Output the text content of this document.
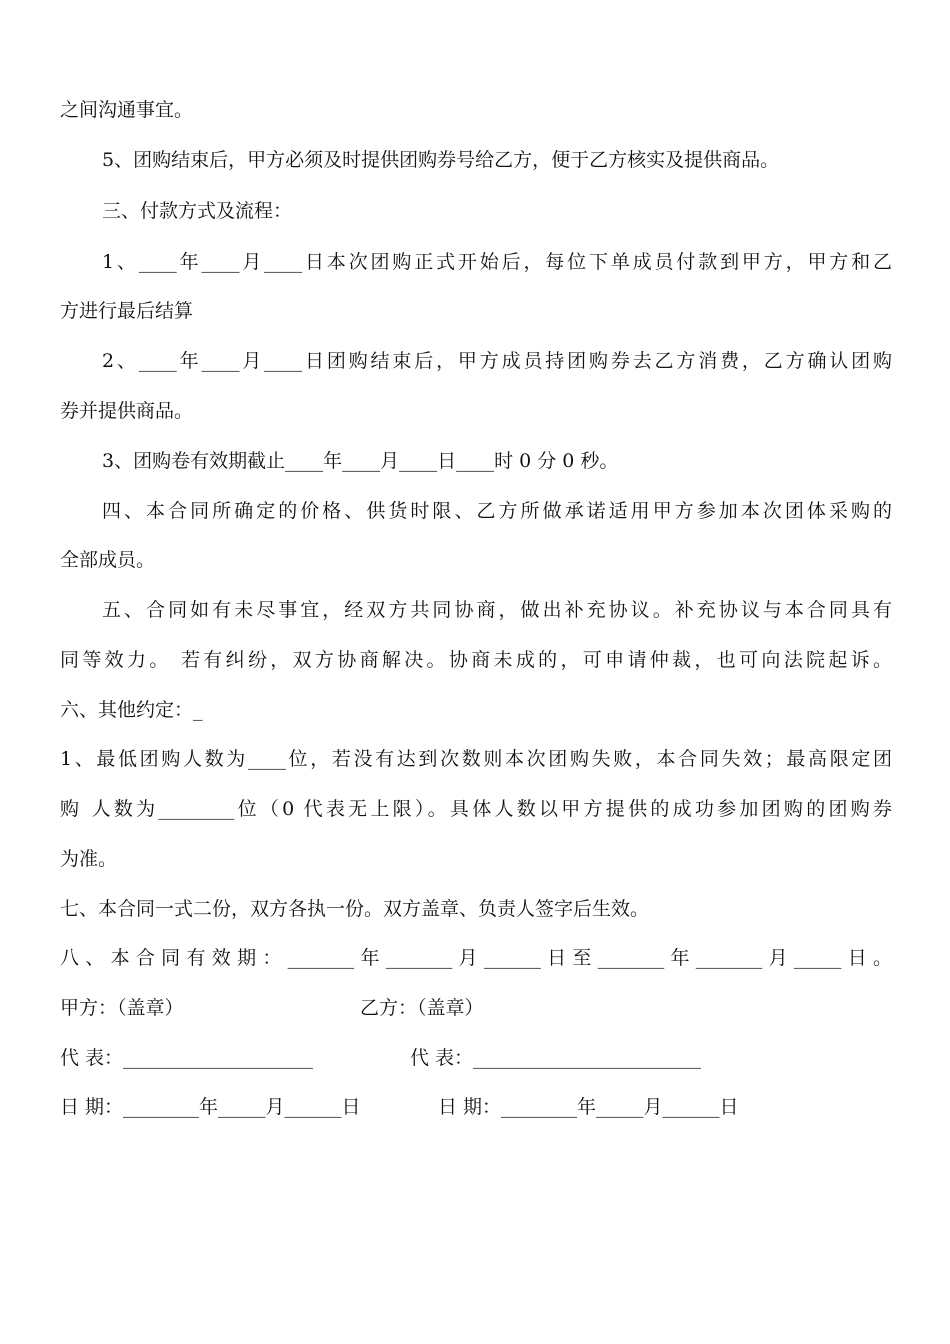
之间沟通事宜。
5、团购结束后，甲方必须及时提供团购券号给乙方，便于乙方核实及提供商品。
三、付款方式及流程：
1、____年____月____日本次团购正式开始后，每位下单成员付款到甲方，甲方和乙
方进行最后结算
2、____年____月____日团购结束后，甲方成员持团购券去乙方消费，乙方确认团购
券并提供商品。
3、团购卷有效期截止____年____月____日____时 0 分 0 秒。
四、本合同所确定的价格、供货时限、乙方所做承诺适用甲方参加本次团体采购的
全部成员。
五、合同如有未尽事宜，经双方共同协商，做出补充协议。补充协议与本合同具有
同等效力。 若有纠纷，双方协商解决。协商未成的，可申请仲裁，也可向法院起诉。
六、其他约定：_
1、最低团购人数为____位，若没有达到次数则本次团购失败，本合同失效；最高限定团
购 人数为________位（0 代表无上限）。具体人数以甲方提供的成功参加团购的团购券
为准。
七、本合同一式二份，双方各执一份。双方盖章、负责人签字后生效。
八、本合同有效期：_______年_______月______日至_______年_______月_____日。
甲方：（盖章）	乙方：（盖章）
代 表：____________________	代 表：________________________
日 期：________年_____月______日	日 期：________年_____月______日
